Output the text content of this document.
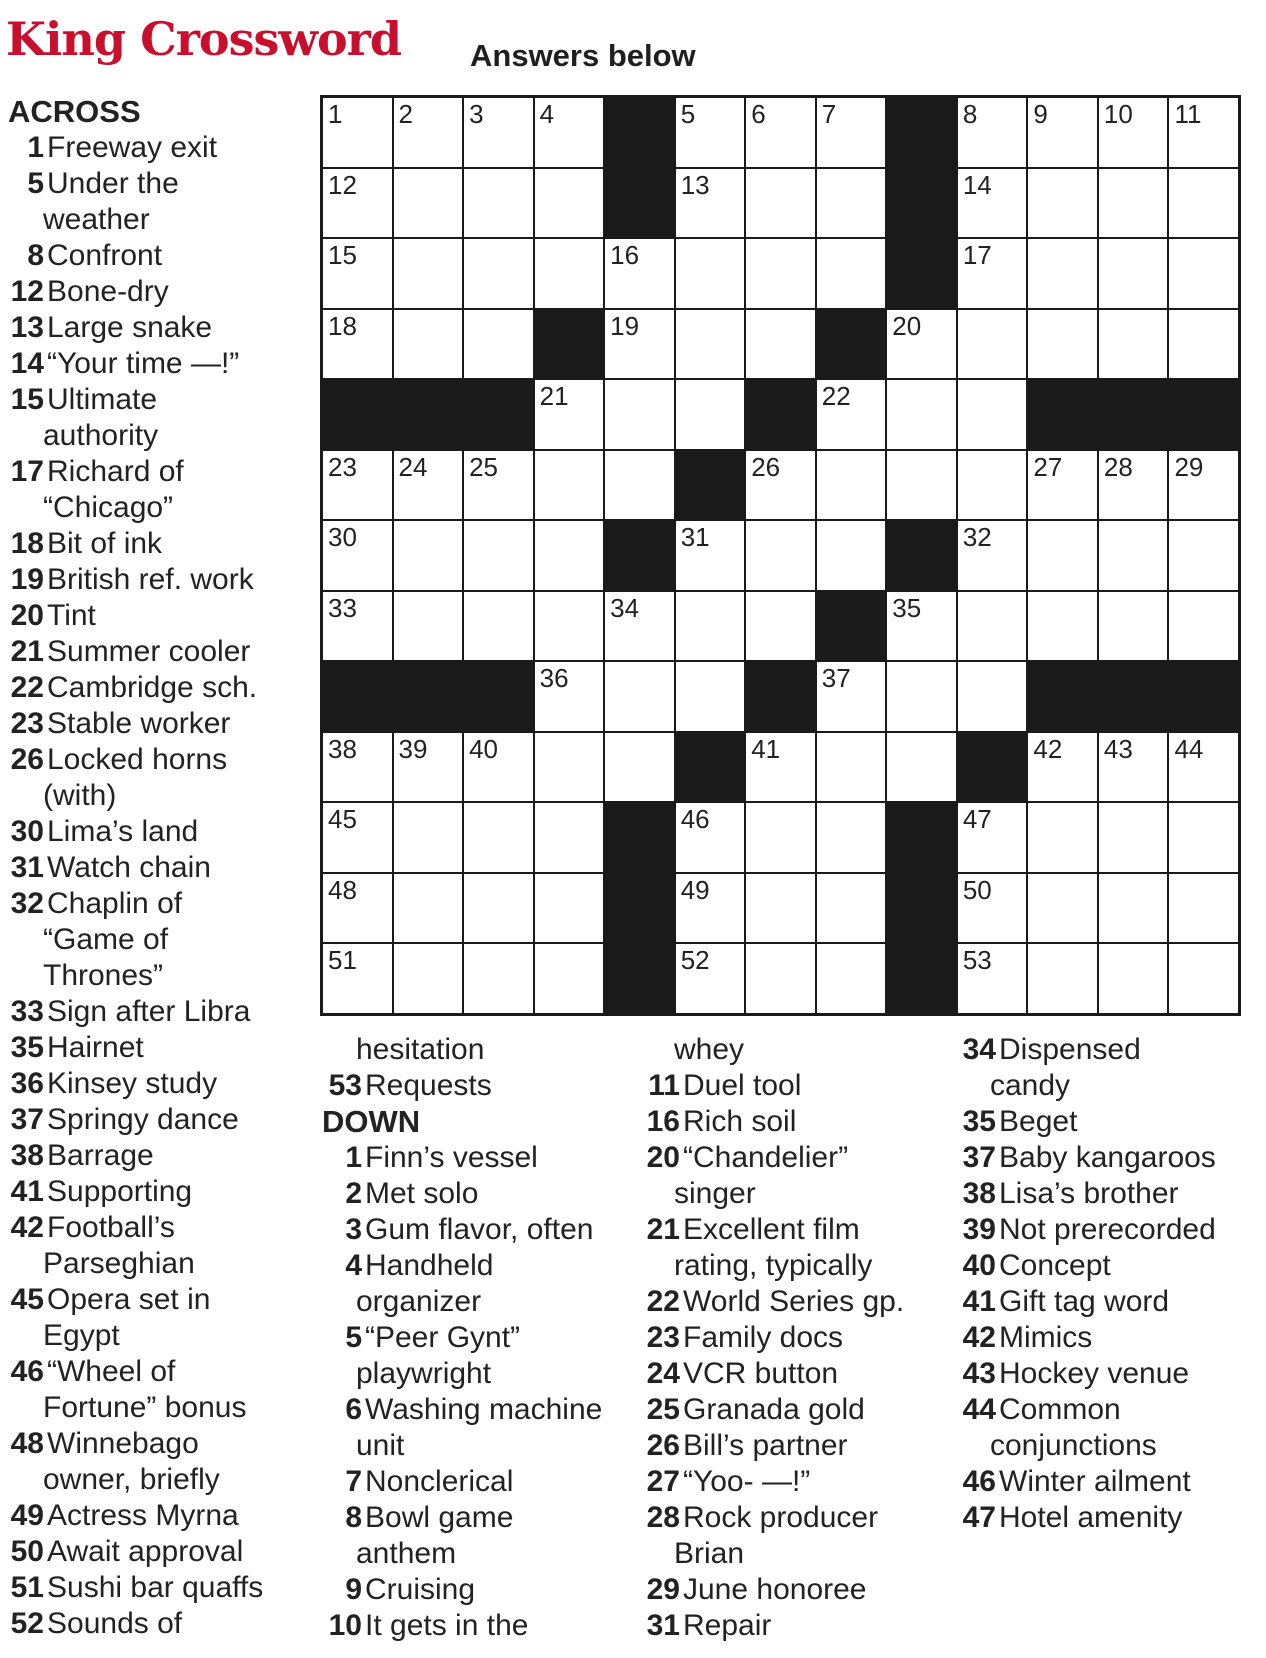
King Crossword Answers below
ACROSS
1 Freeway exit
5 Under the
weather
8 Confront
12 Bone-dry
13 Large snake
14 “Your time —!”
15 Ultimate
authority
17 Richard of
“Chicago”
18 Bit of ink
19 British ref. work
20 Tint
21 Summer cooler
22 Cambridge sch.
23 Stable worker
26 Locked horns
(with)
30 Lima’s land
31 Watch chain
32 Chaplin of
“Game of
Thrones”
33 Sign after Libra
35 Hairnet
36 Kinsey study
37 Springy dance
38 Barrage
41 Supporting
42 Football’s
Parseghian
45 Opera set in
Egypt
46 “Wheel of
Fortune” bonus
48 Winnebago
owner, briefly
49 Actress Myrna
50 Await approval
51 Sushi bar quaffs
52 Sounds of
1 2 3 4	5 6 7	8 9 10 11
12	13	14
15	16	17
18	19	20
21	22
23 24 25	26	27 28 29
30	31	32
33	34	35
36	37
38 39 40	41	42 43 44
45	46	47
48	49	50
51	52	53
hesitation
53 Requests
DOWN
1 Finn’s vessel
2 Met solo
3 Gum flavor, often
4 Handheld
organizer
5 “Peer Gynt”
playwright
6 Washing machine
unit
7 Nonclerical
8 Bowl game
anthem
9 Cruising
10 It gets in the
whey
11 Duel tool
16 Rich soil
20 “Chandelier”
singer
21 Excellent film
rating, typically
22 World Series gp.
23 Family docs
24 VCR button
25 Granada gold
26 Bill’s partner
27 “Yoo- —!”
28 Rock producer
Brian
29 June honoree
31 Repair
34 Dispensed
candy
35 Beget
37 Baby kangaroos
38 Lisa’s brother
39 Not prerecorded
40 Concept
41 Gift tag word
42 Mimics
43 Hockey venue
44 Common
conjunctions
46 Winter ailment
47 Hotel amenity
